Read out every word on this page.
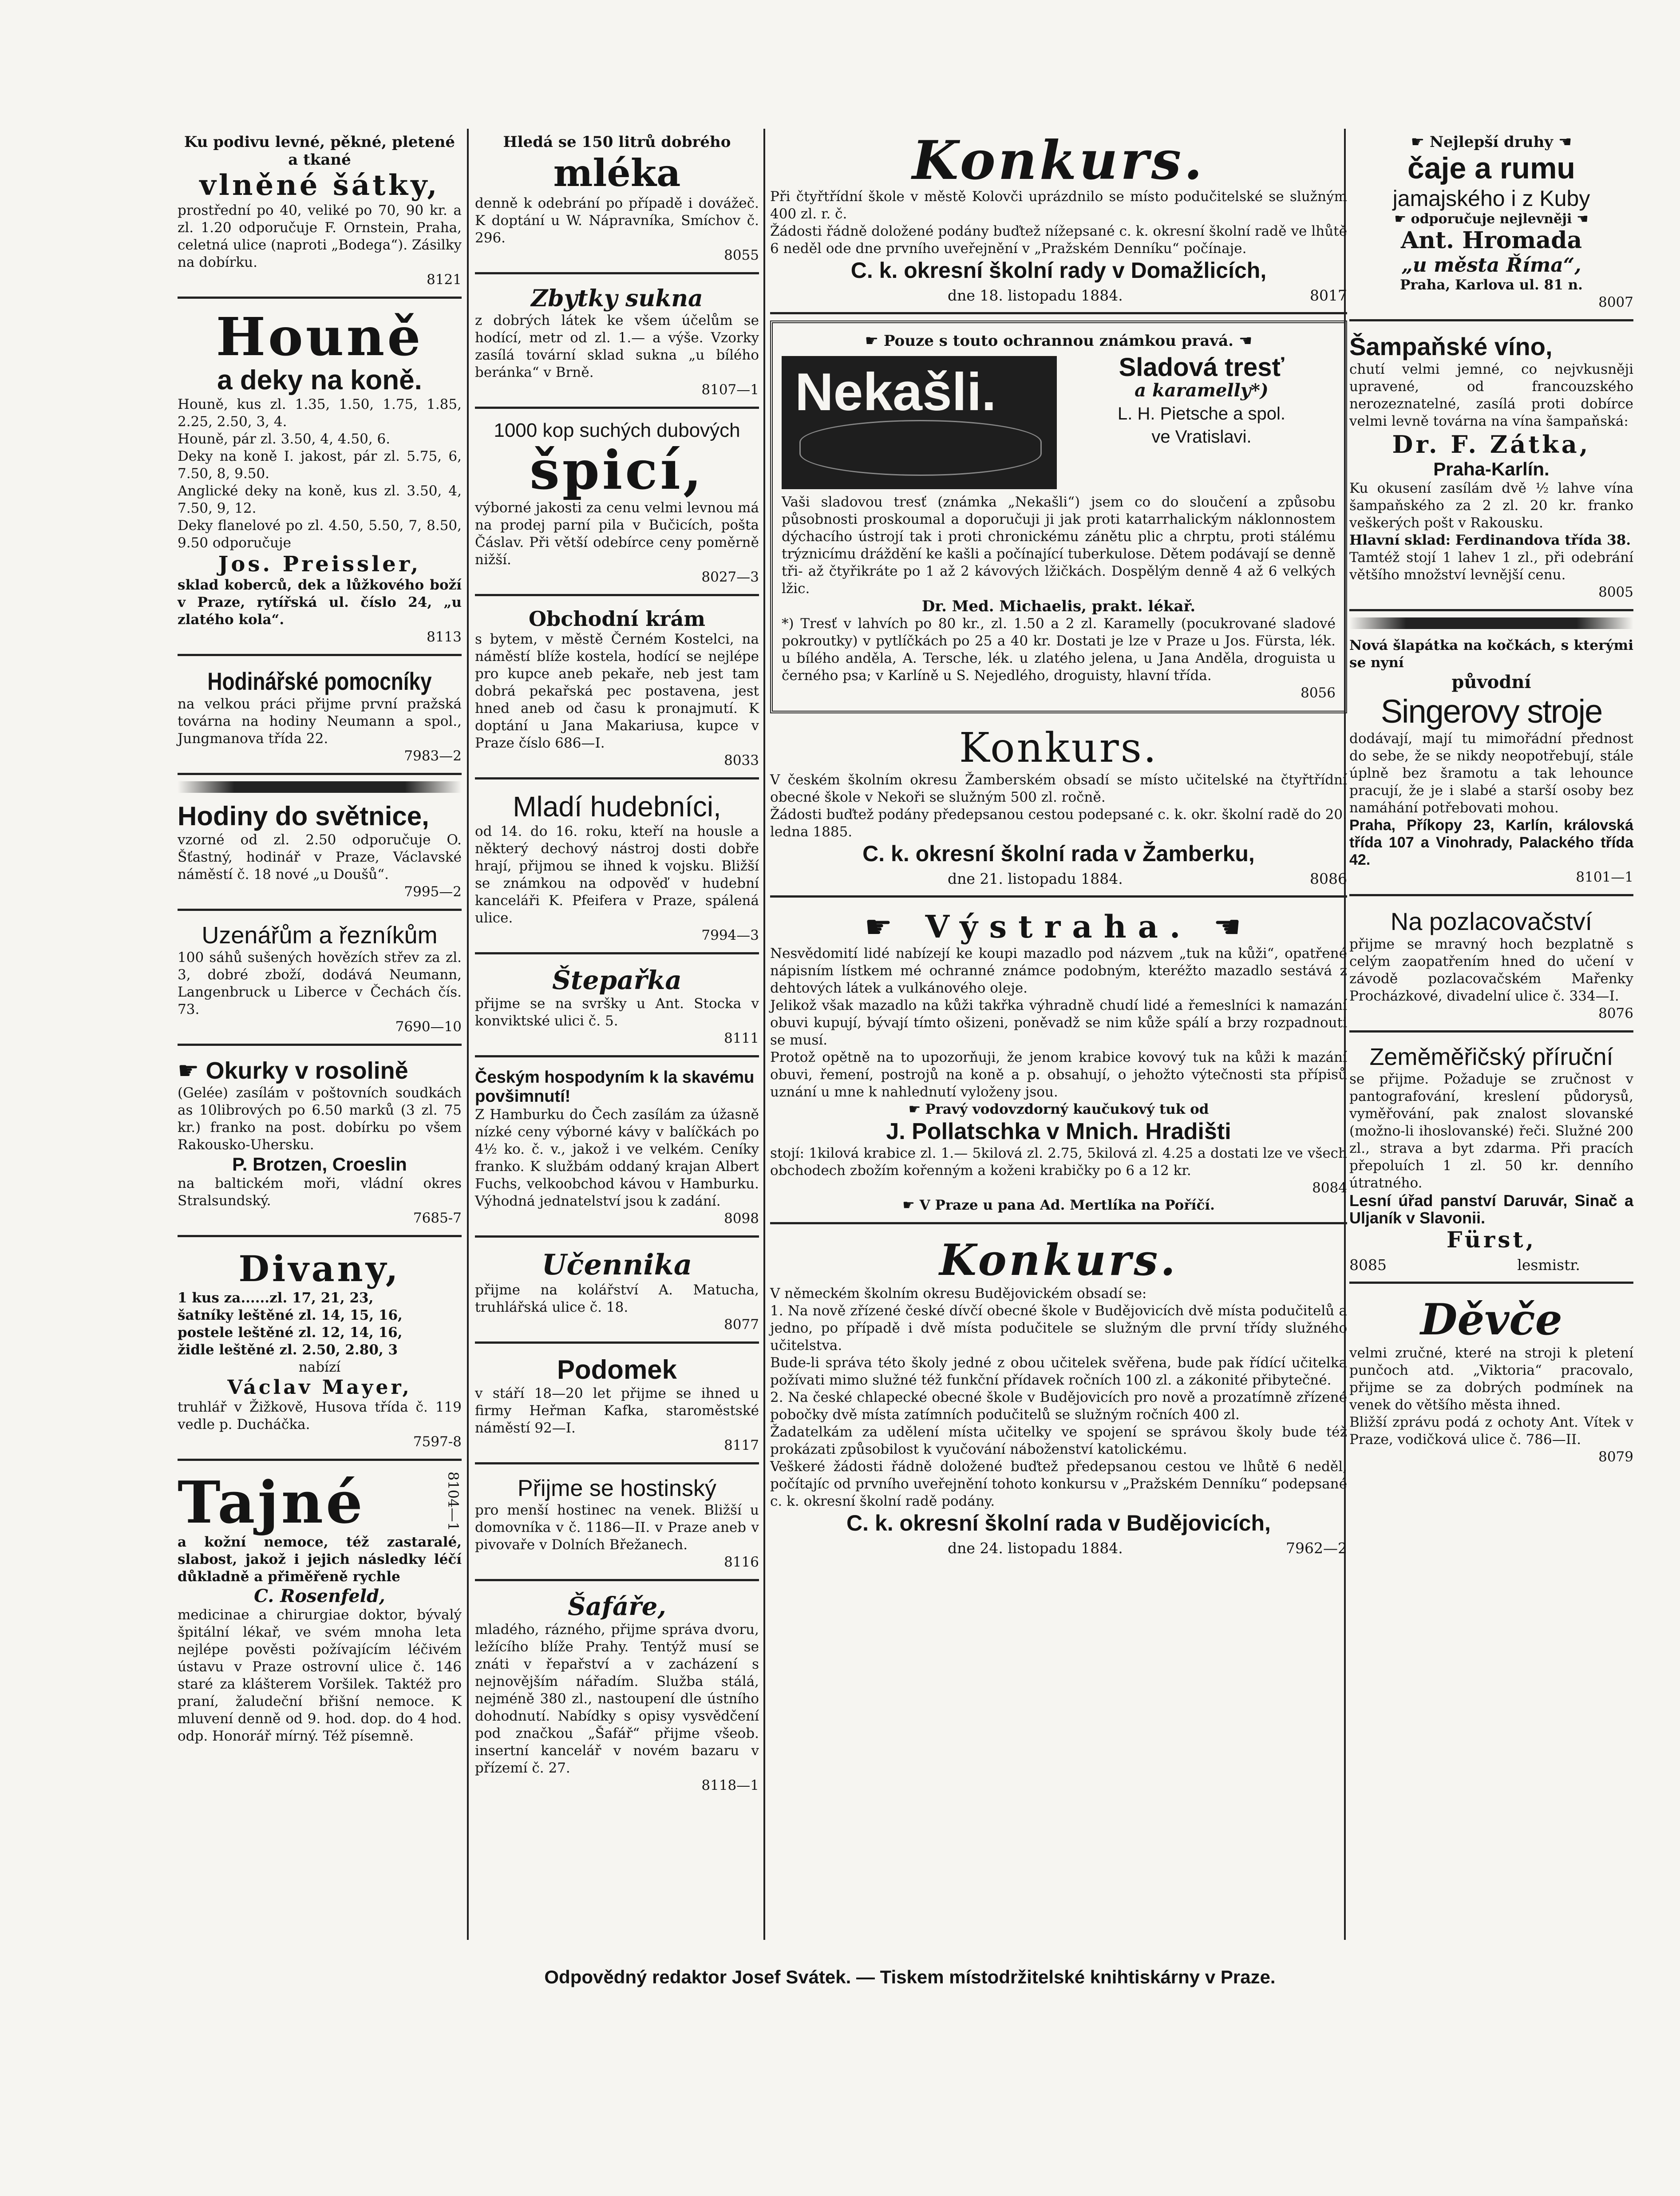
Ku podivu levné, pěkné, pletené a tkané
vlněné šátky,
prostřední po 40, veliké po 70, 90 kr. a zl. 1.20 odporučuje F. Ornstein, Praha, celetná ulice (naproti „Bodega“). Zásilky na dobírku.
8121
Houně
a deky na koně.
Houně, kus zl. 1.35, 1.50, 1.75, 1.85, 2.25, 2.50, 3, 4.
Houně, pár zl. 3.50, 4, 4.50, 6.
Deky na koně I. jakost, pár zl. 5.75, 6, 7.50, 8, 9.50.
Anglické deky na koně, kus zl. 3.50, 4, 7.50, 9, 12.
Deky flanelové po zl. 4.50, 5.50, 7, 8.50, 9.50 odporučuje
Jos. Preissler,
sklad koberců, dek a lůžkového boží v Praze, rytířská ul. číslo 24, „u zlatého kola“.
8113
Hodinářské pomocníky
na velkou práci přijme první pražská továrna na hodiny Neumann a spol., Jungmanova třída 22.
7983—2
Hodiny do světnice,
vzorné od zl. 2.50 odporučuje O. Šťastný, hodinář v Praze, Václavské náměstí č. 18 nové „u Doušů“.
7995—2
Uzenářům a řezníkům
100 sáhů sušených hovězích střev za zl. 3, dobré zboží, dodává Neumann, Langenbruck u Liberce v Čechách čís. 73.
7690—10
☛ Okurky v rosolině
(Gelée) zasílám v poštovních soudkách as 10librových po 6.50 marků (3 zl. 75 kr.) franko na post. dobírku po všem Rakousko-Uhersku.
P. Brotzen, Croeslin
na baltickém moři, vládní okres Stralsundský.
7685-7
Divany,
1 kus za......zl. 17, 21, 23,
šatníky leštěné zl. 14, 15, 16,
postele leštěné zl. 12, 14, 16,
židle leštěné zl. 2.50, 2.80, 3
nabízí
Václav Mayer,
truhlář v Žižkově, Husova třída č. 119 vedle p. Ducháčka.
7597-8
Tajné	8104—1
a kožní nemoce, též zastaralé, slabost, jakož i jejich následky léčí důkladně a přiměřeně rychle
C. Rosenfeld,
medicinae a chirurgiae doktor, bývalý špitální lékař, ve svém mnoha leta nejlépe pověsti požívajícím léčivém ústavu v Praze ostrovní ulice č. 146 staré za klášterem Voršilek. Taktéž pro praní, žaludeční břišní nemoce. K mluvení denně od 9. hod. dop. do 4 hod. odp. Honorář mírný. Též písemně.
Hledá se 150 litrů dobrého
mléka
denně k odebrání po případě i dovážeč. K doptání u W. Nápravníka, Smíchov č. 296.
8055
Zbytky sukna
z dobrých látek ke všem účelům se hodící, metr od zl. 1.— a výše. Vzorky zasílá tovární sklad sukna „u bílého beránka“ v Brně.
8107—1
1000 kop suchých dubových
špicí,
výborné jakosti za cenu velmi levnou má na prodej parní pila v Bučicích, pošta Čáslav. Při větší odebírce ceny poměrně nižší.
8027—3
Obchodní krám
s bytem, v městě Černém Kostelci, na náměstí blíže kostela, hodící se nejlépe pro kupce aneb pekaře, neb jest tam dobrá pekařská pec postavena, jest hned aneb od času k pronajmutí. K doptání u Jana Makariusa, kupce v Praze číslo 686—I.
8033
Mladí hudebníci,
od 14. do 16. roku, kteří na housle a některý dechový nástroj dosti dobře hrají, přijmou se ihned k vojsku. Bližší se známkou na odpověď v hudební kanceláři K. Pfeifera v Praze, spálená ulice.
7994—3
Štepařka
přijme se na svršky u Ant. Stocka v konviktské ulici č. 5.
8111
Českým hospodyním k la skavému povšimnutí!
Z Hamburku do Čech zasílám za úžasně nízké ceny výborné kávy v balíčkách po 4½ ko. č. v., jakož i ve velkém. Ceníky franko. K službám oddaný krajan Albert Fuchs, velkoobchod kávou v Hamburku. Výhodná jednatelství jsou k zadání.
8098
Učennika
přijme na kolářství A. Matucha, truhlářská ulice č. 18.
8077
Podomek
v stáří 18—20 let přijme se ihned u firmy Heřman Kafka, staroměstské náměstí 92—I.
8117
Přijme se hostinský
pro menší hostinec na venek. Bližší u domovníka v č. 1186—II. v Praze aneb v pivovaře v Dolních Břežanech.
8116
Šafáře,
mladého, rázného, přijme správa dvoru, ležícího blíže Prahy. Tentýž musí se znáti v řepařství a v zacházení s nejnovějším nářadím. Služba stálá, nejméně 380 zl., nastoupení dle ústního dohodnutí. Nabídky s opisy vysvědčení pod značkou „Šafář“ přijme všeob. insertní kancelář v novém bazaru v přízemí č. 27.
8118—1
Konkurs.
Při čtyřtřídní škole v městě Kolovči uprázdnilo se místo podučitelské se služným 400 zl. r. č.
Žádosti řádně doložené podány buďtež nížepsané c. k. okresní školní radě ve lhůtě 6 neděl ode dne prvního uveřejnění v „Pražském Denníku“ počínaje.
C. k. okresní školní rady v Domažlicích,
dne 18. listopadu 1884.	8017
☛ Pouze s touto ochrannou známkou pravá. ☚
Nekašli.	Sladová tresť
a karamelly*)
L. H. Pietsche a spol.
ve Vratislavi.
Vaši sladovou tresť (známka „Nekašli“) jsem co do sloučení a způsobu působnosti proskoumal a doporučuji ji jak proti katarrhalickým náklonnostem dýchacího ústrojí tak i proti chronickému zánětu plic a chrptu, proti stálému trýznicímu dráždění ke kašli a počínající tuberkulose. Dětem podávají se denně tři- až čtyřikráte po 1 až 2 kávových lžičkách. Dospělým denně 4 až 6 velkých lžic.
Dr. Med. Michaelis, prakt. lékař.
*) Tresť v lahvích po 80 kr., zl. 1.50 a 2 zl. Karamelly (pocukrované sladové pokroutky) v pytlíčkách po 25 a 40 kr. Dostati je lze v Praze u Jos. Fürsta, lék. u bílého anděla, A. Tersche, lék. u zlatého jelena, u Jana Anděla, droguista u černého psa; v Karlíně u S. Nejedlého, droguisty, hlavní třída.
8056
Konkurs.
V českém školním okresu Žamberském obsadí se místo učitelské na čtyřtřídní obecné škole v Nekoři se služným 500 zl. ročně.
Žádosti buďtež podány předepsanou cestou podepsané c. k. okr. školní radě do 20. ledna 1885.
C. k. okresní školní rada v Žamberku,
dne 21. listopadu 1884.	8086
☛ Výstraha. ☚
Nesvědomití lidé nabízejí ke koupi mazadlo pod názvem „tuk na kůži“, opatřené nápisním lístkem mé ochranné známce podobným, kteréžto mazadlo sestává z dehtových látek a vulkánového oleje.
Jelikož však mazadlo na kůži takřka výhradně chudí lidé a řemeslníci k namazání obuvi kupují, bývají tímto ošizeni, poněvadž se nim kůže spálí a brzy rozpadnouti se musí.
Protož opětně na to upozorňuji, že jenom krabice kovový tuk na kůži k mazání obuvi, řemení, postrojů na koně a p. obsahují, o jehožto výtečnosti sta přípisů uznání u mne k nahlednutí vyloženy jsou.
☛ Pravý vodovzdorný kaučukový tuk od
J. Pollatschka v Mnich. Hradišti
stojí: 1kilová krabice zl. 1.— 5kilová zl. 2.75, 5kilová zl. 4.25 a dostati lze ve všech obchodech zbožím kořenným a koženi krabičky po 6 a 12 kr.
8084
☛ V Praze u pana Ad. Mertlíka na Poříčí.
Konkurs.
V německém školním okresu Budějovickém obsadí se:
1. Na nově zřízené české dívčí obecné škole v Budějovicích dvě místa podučitelů a jedno, po případě i dvě místa podučitele se služným dle první třídy služného učitelstva.
Bude-li správa této školy jedné z obou učitelek svěřena, bude pak řídící učitelka požívati mimo služné též funkční přídavek ročních 100 zl. a zákonité přibytečné.
2. Na české chlapecké obecné škole v Budějovicích pro nově a prozatímně zřízené pobočky dvě místa zatímních podučitelů se služným ročních 400 zl.
Žadatelkám za udělení místa učitelky ve spojení se správou školy bude též prokázati způsobilost k vyučování náboženství katolickému.
Veškeré žádosti řádně doložené buďtež předepsanou cestou ve lhůtě 6 neděl, počítajíc od prvního uveřejnění tohoto konkursu v „Pražském Denníku“ podepsané c. k. okresní školní radě podány.
C. k. okresní školní rada v Budějovicích,
dne 24. listopadu 1884.	7962—2
☛ Nejlepší druhy ☚
čaje a rumu
jamajského i z Kuby
☛ odporučuje nejlevněji ☚
Ant. Hromada
„u města Říma“,
Praha, Karlova ul. 81 n.
8007
Šampaňské víno,
chutí velmi jemné, co nejvkusněji upravené, od francouzského nerozeznatelné, zasílá proti dobírce velmi levně továrna na vína šampaňská:
Dr. F. Zátka,
Praha-Karlín.
Ku okusení zasílám dvě ½ lahve vína šampaňského za 2 zl. 20 kr. franko veškerých pošt v Rakousku.
Hlavní sklad: Ferdinandova třída 38.
Tamtéž stojí 1 lahev 1 zl., při odebrání většího množství levnější cenu.
8005
Nová šlapátka na kočkách, s kterými se nyní
původní
Singerovy stroje
dodávají, mají tu mimořádní přednost do sebe, že se nikdy neopotřebují, stále úplně bez šramotu a tak lehounce pracují, že je i slabé a starší osoby bez namáhání potřebovati mohou.
Praha, Příkopy 23, Karlín, královská třída 107 a Vinohrady, Palackého třída 42.
8101—1
Na pozlacovačství
přijme se mravný hoch bezplatně s celým zaopatřením hned do učení v závodě pozlacovačském Mařenky Procházkové, divadelní ulice č. 334—I.
8076
Zeměměřičský příruční
se přijme. Požaduje se zručnost v pantografování, kreslení půdorysů, vyměřování, pak znalost slovanské (možno-li ihoslovanské) řeči. Služné 200 zl., strava a byt zdarma. Při pracích přepoluích 1 zl. 50 kr. denního útratného.
Lesní úřad panství Daruvár, Sinač a Uljaník v Slavonii.
Fürst,
8085	lesmistr.
Děvče
velmi zručné, které na stroji k pletení punčoch atd. „Viktoria“ pracovalo, přijme se za dobrých podmínek na venek do většího města ihned.
Bližší zprávu podá z ochoty Ant. Vítek v Praze, vodičková ulice č. 786—II.
8079
Odpovědný redaktor Josef Svátek. — Tiskem místodržitelské knihtiskárny v Praze.
